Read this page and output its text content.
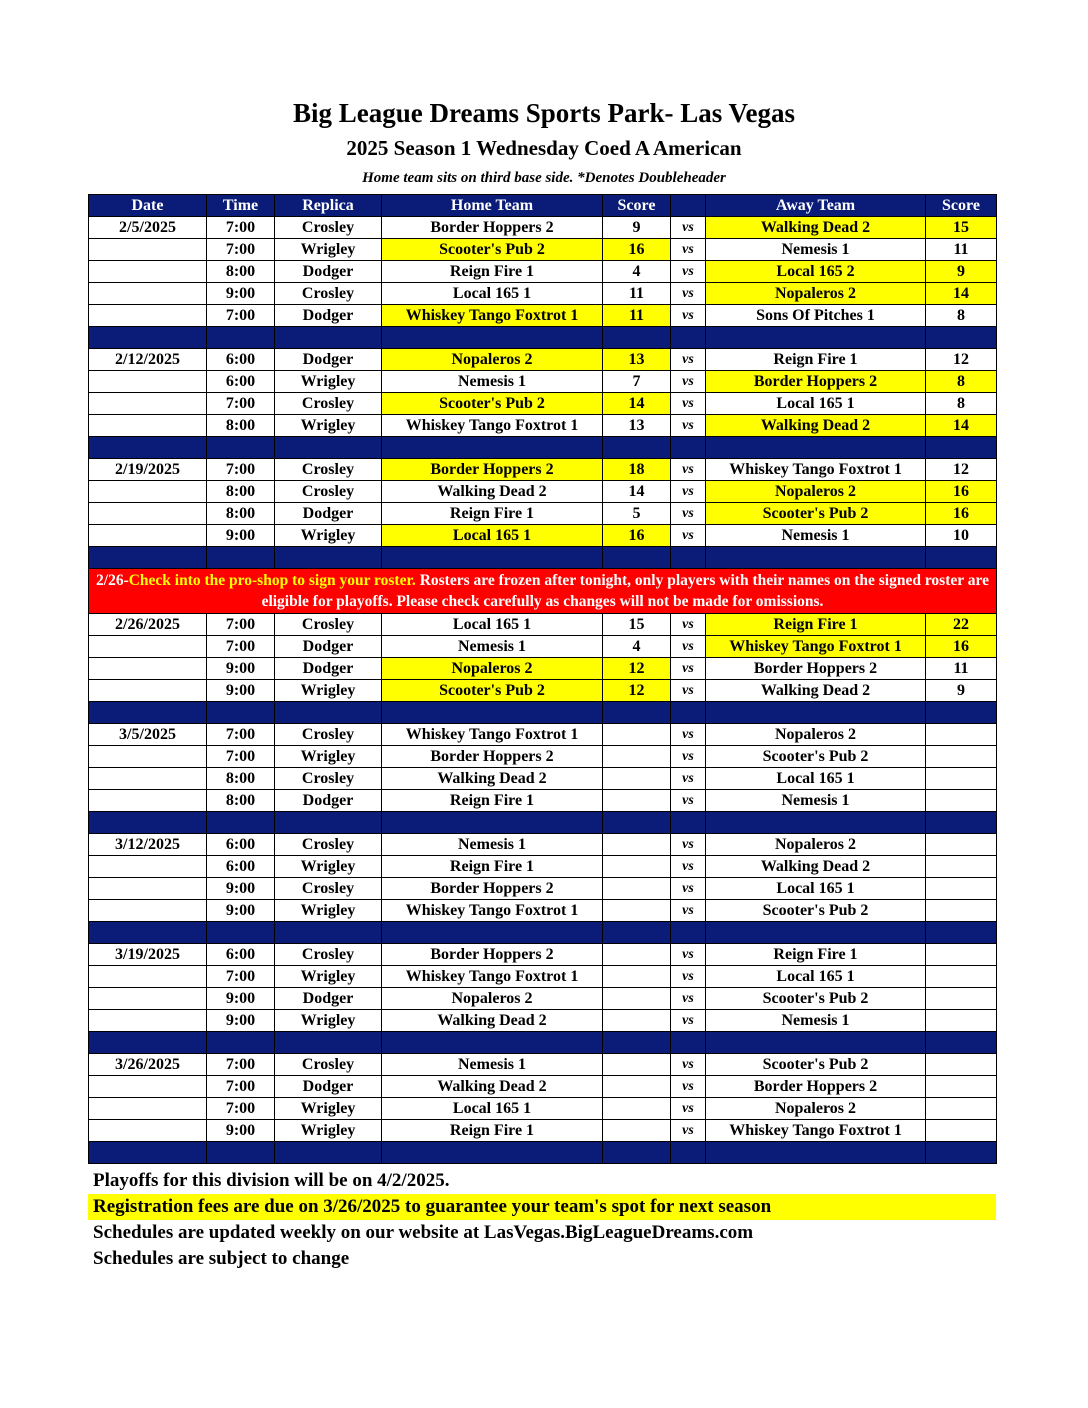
Big League Dreams Sports Park- Las Vegas
2025 Season 1 Wednesday Coed A American
Home team sits on third base side. *Denotes Doubleheader
Date	Time	Replica	Home Team	Score		Away Team	Score
2/5/2025	7:00	Crosley	Border Hoppers 2	9	vs	Walking Dead 2	15
	7:00	Wrigley	Scooter's Pub 2	16	vs	Nemesis 1	11
	8:00	Dodger	Reign Fire 1	4	vs	Local 165 2	9
	9:00	Crosley	Local 165 1	11	vs	Nopaleros 2	14
	7:00	Dodger	Whiskey Tango Foxtrot 1	11	vs	Sons Of Pitches 1	8

2/12/2025	6:00	Dodger	Nopaleros 2	13	vs	Reign Fire 1	12
	6:00	Wrigley	Nemesis 1	7	vs	Border Hoppers 2	8
	7:00	Crosley	Scooter's Pub 2	14	vs	Local 165 1	8
	8:00	Wrigley	Whiskey Tango Foxtrot 1	13	vs	Walking Dead 2	14

2/19/2025	7:00	Crosley	Border Hoppers 2	18	vs	Whiskey Tango Foxtrot 1	12
	8:00	Crosley	Walking Dead 2	14	vs	Nopaleros 2	16
	8:00	Dodger	Reign Fire 1	5	vs	Scooter's Pub 2	16
	9:00	Wrigley	Local 165 1	16	vs	Nemesis 1	10

2/26-Check into the pro-shop to sign your roster. Rosters are frozen after tonight, only players with their names on the signed roster are eligible for playoffs. Please check carefully as changes will not be made for omissions.							
2/26/2025	7:00	Crosley	Local 165 1	15	vs	Reign Fire 1	22
	7:00	Dodger	Nemesis 1	4	vs	Whiskey Tango Foxtrot 1	16
	9:00	Dodger	Nopaleros 2	12	vs	Border Hoppers 2	11
	9:00	Wrigley	Scooter's Pub 2	12	vs	Walking Dead 2	9

3/5/2025	7:00	Crosley	Whiskey Tango Foxtrot 1		vs	Nopaleros 2	
	7:00	Wrigley	Border Hoppers 2		vs	Scooter's Pub 2	
	8:00	Crosley	Walking Dead 2		vs	Local 165 1	
	8:00	Dodger	Reign Fire 1		vs	Nemesis 1	

3/12/2025	6:00	Crosley	Nemesis 1		vs	Nopaleros 2	
	6:00	Wrigley	Reign Fire 1		vs	Walking Dead 2	
	9:00	Crosley	Border Hoppers 2		vs	Local 165 1	
	9:00	Wrigley	Whiskey Tango Foxtrot 1		vs	Scooter's Pub 2	

3/19/2025	6:00	Crosley	Border Hoppers 2		vs	Reign Fire 1	
	7:00	Wrigley	Whiskey Tango Foxtrot 1		vs	Local 165 1	
	9:00	Dodger	Nopaleros 2		vs	Scooter's Pub 2	
	9:00	Wrigley	Walking Dead 2		vs	Nemesis 1	

3/26/2025	7:00	Crosley	Nemesis 1		vs	Scooter's Pub 2	
	7:00	Dodger	Walking Dead 2		vs	Border Hoppers 2	
	7:00	Wrigley	Local 165 1		vs	Nopaleros 2	
	9:00	Wrigley	Reign Fire 1		vs	Whiskey Tango Foxtrot 1	

Playoffs for this division will be on 4/2/2025.
Registration fees are due on 3/26/2025 to guarantee your team's spot for next season
Schedules are updated weekly on our website at LasVegas.BigLeagueDreams.com
Schedules are subject to change
